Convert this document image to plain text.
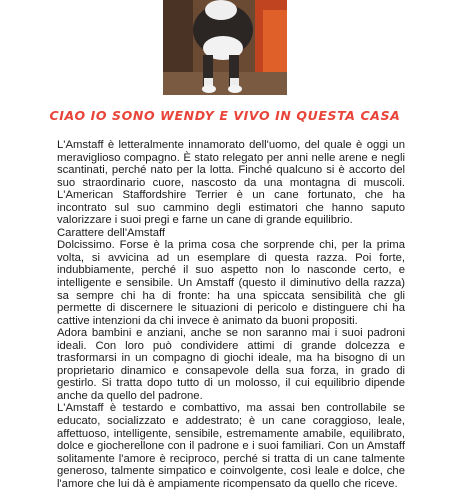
CIAO IO SONO WENDY E VIVO IN QUESTA CASA

L'Amstaff è letteralmente innamorato dell'uomo, del quale è oggi un meraviglioso compagno. È stato relegato per anni nelle arene e negli scantinati, perché nato per la lotta. Finché qualcuno si è accorto del suo straordinario cuore, nascosto da una montagna di muscoli. L'American Staffordshire Terrier è un cane fortunato, che ha incontrato sul suo cammino degli estimatori che hanno saputo valorizzare i suoi pregi e farne un cane di grande equilibrio.

Carattere dell'Amstaff

Dolcissimo. Forse è la prima cosa che sorprende chi, per la prima volta, si avvicina ad un esemplare di questa razza. Poi forte, indubbiamente, perché il suo aspetto non lo nasconde certo, e intelligente e sensibile. Un Amstaff (questo il diminutivo della razza) sa sempre chi ha di fronte: ha una spiccata sensibilità che gli permette di discernere le situazioni di pericolo e distinguere chi ha cattive intenzioni da chi invece è animato da buoni propositi.

Adora bambini e anziani, anche se non saranno mai i suoi padroni ideali. Con loro può condividere attimi di grande dolcezza e trasformarsi in un compagno di giochi ideale, ma ha bisogno di un proprietario dinamico e consapevole della sua forza, in grado di gestirlo. Si tratta dopo tutto di un molosso, il cui equilibrio dipende anche da quello del padrone.

L'Amstaff è testardo e combattivo, ma assai ben controllabile se educato, socializzato e addestrato; è un cane coraggioso, leale, affettuoso, intelligente, sensibile, estremamente amabile, equilibrato, dolce e giocherellone con il padrone e i suoi familiari. Con un Amstaff solitamente l'amore è reciproco, perché si tratta di un cane talmente generoso, talmente simpatico e coinvolgente, così leale e dolce, che l'amore che lui dà è ampiamente ricompensato da quello che riceve.
